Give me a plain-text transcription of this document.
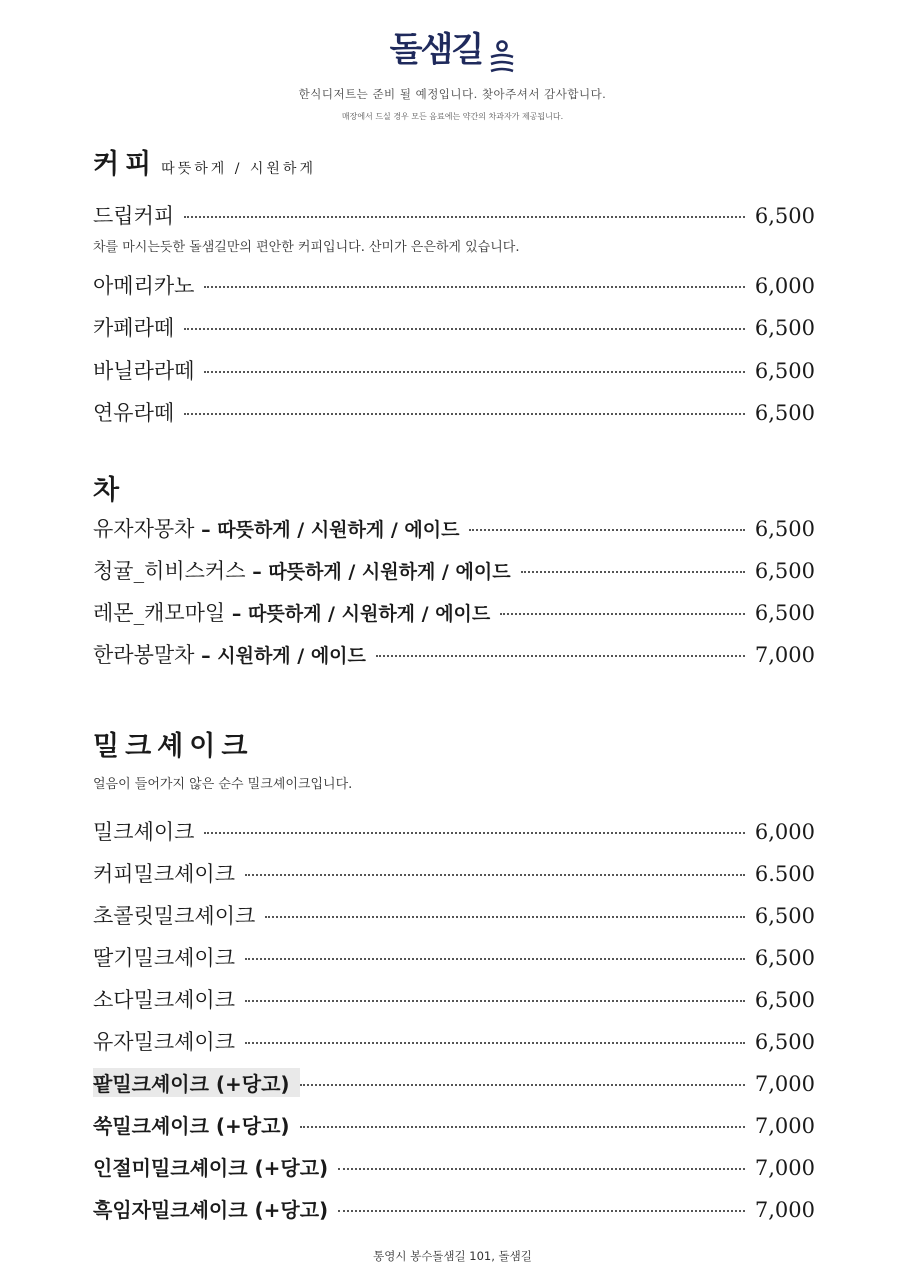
돌샘길
한식디저트는 준비 될 예정입니다. 찾아주셔서 감사합니다.
매장에서 드실 경우 모든 음료에는 약간의 차과자가 제공됩니다.
커피 따뜻하게 / 시원하게
드립커피	6,500
차를 마시는듯한 돌샘길만의 편안한 커피입니다. 산미가 은은하게 있습니다.
아메리카노	6,000
카페라떼	6,500
바닐라라떼	6,500
연유라떼	6,500
차
유자자몽차 – 따뜻하게 / 시원하게 / 에이드	6,500
청귤_히비스커스 – 따뜻하게 / 시원하게 / 에이드	6,500
레몬_캐모마일 – 따뜻하게 / 시원하게 / 에이드	6,500
한라봉말차 – 시원하게 / 에이드	7,000
밀크셰이크
얼음이 들어가지 않은 순수 밀크셰이크입니다.
밀크셰이크	6,000
커피밀크셰이크	6.500
초콜릿밀크셰이크	6,500
딸기밀크셰이크	6,500
소다밀크셰이크	6,500
유자밀크셰이크	6,500
팥밀크셰이크 (+당고)	7,000
쑥밀크셰이크 (+당고)	7,000
인절미밀크셰이크 (+당고)	7,000
흑임자밀크셰이크 (+당고)	7,000
통영시 봉수돌샘길 101, 돌샘길
